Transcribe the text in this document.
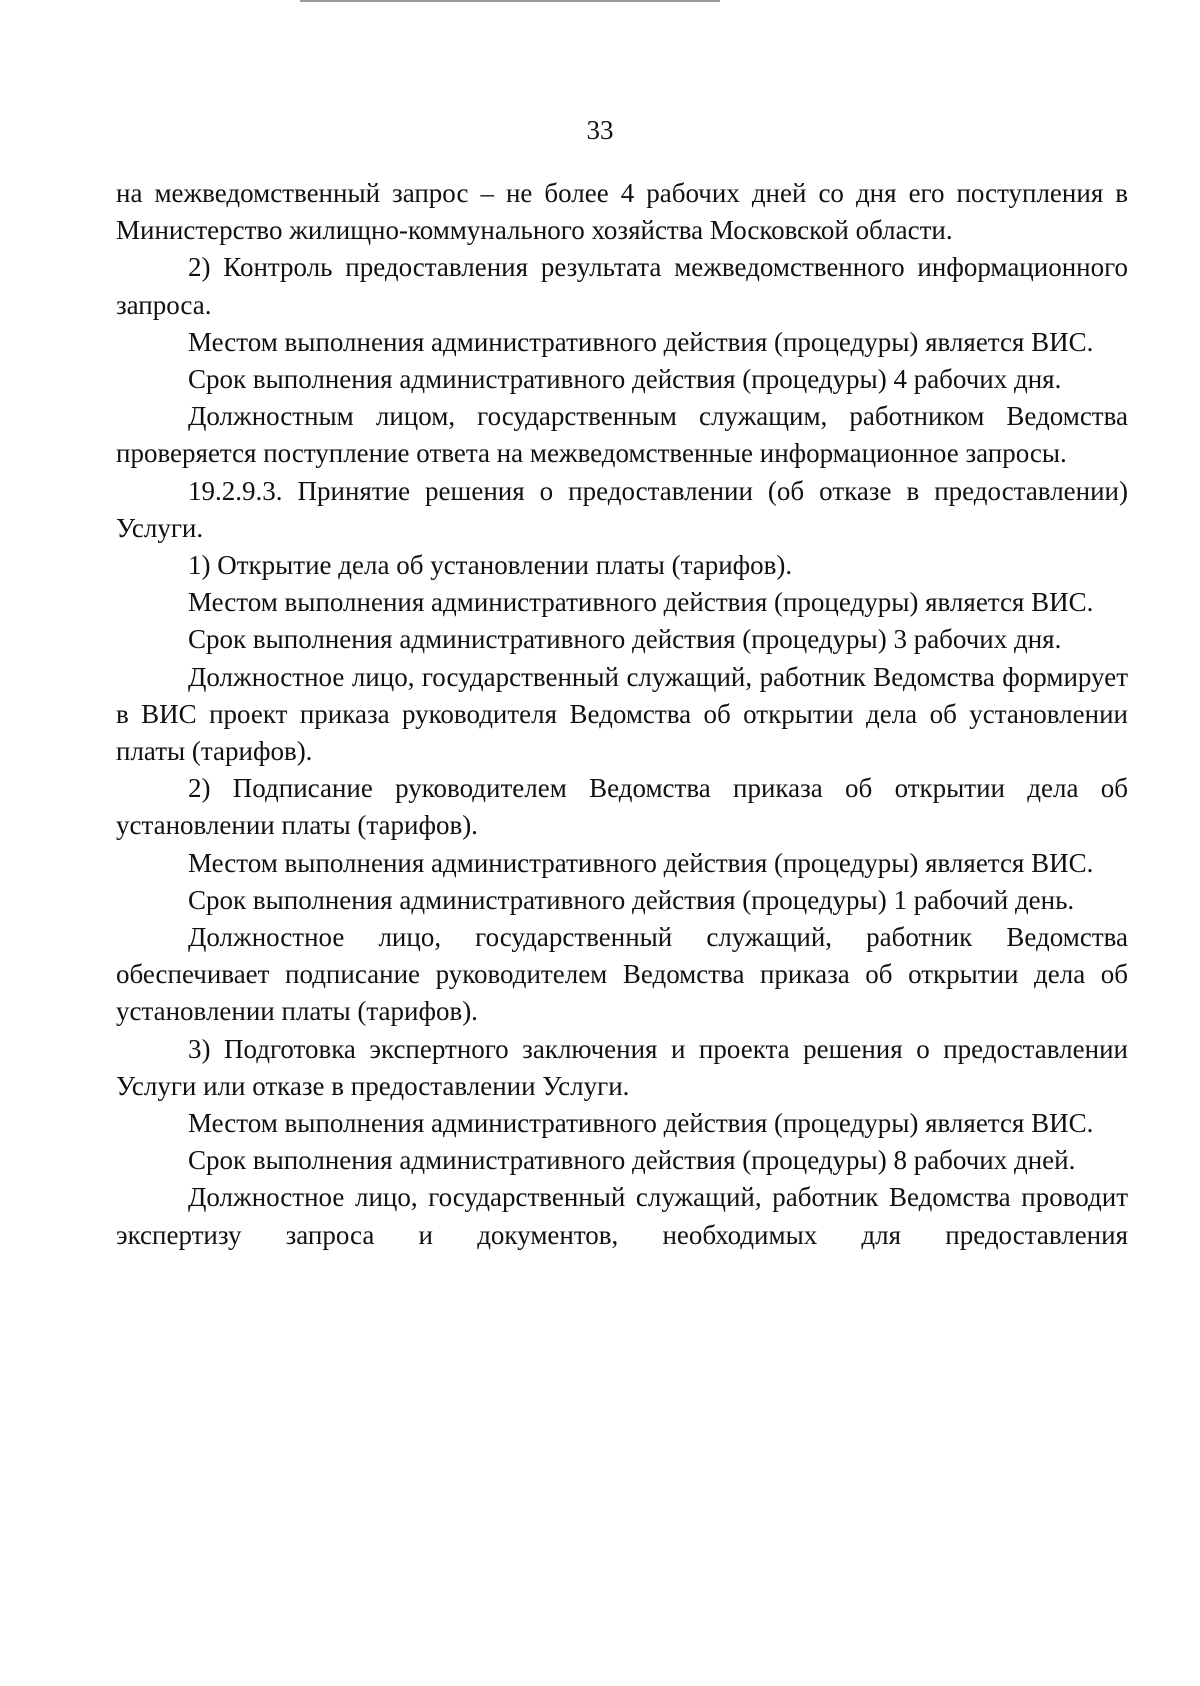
33

на межведомственный запрос – не более 4 рабочих дней со дня его поступления в Министерство жилищно‑коммунального хозяйства Московской области.

2) Контроль предоставления результата межведомственного информационного запроса.

Местом выполнения административного действия (процедуры) является ВИС.

Срок выполнения административного действия (процедуры) 4 рабочих дня.

Должностным лицом, государственным служащим, работником Ведомства проверяется поступление ответа на межведомственные информационное запросы.

19.2.9.3. Принятие решения о предоставлении (об отказе в предоставлении) Услуги.

1) Открытие дела об установлении платы (тарифов).

Местом выполнения административного действия (процедуры) является ВИС.

Срок выполнения административного действия (процедуры) 3 рабочих дня.

Должностное лицо, государственный служащий, работник Ведомства формирует в ВИС проект приказа руководителя Ведомства об открытии дела об установлении платы (тарифов).

2) Подписание руководителем Ведомства приказа об открытии дела об установлении платы (тарифов).

Местом выполнения административного действия (процедуры) является ВИС.

Срок выполнения административного действия (процедуры) 1 рабочий день.

Должностное лицо, государственный служащий, работник Ведомства обеспечивает подписание руководителем Ведомства приказа об открытии дела об установлении платы (тарифов).

3) Подготовка экспертного заключения и проекта решения о предоставлении Услуги или отказе в предоставлении Услуги.

Местом выполнения административного действия (процедуры) является ВИС.

Срок выполнения административного действия (процедуры) 8 рабочих дней.

Должностное лицо, государственный служащий, работник Ведомства проводит экспертизу запроса и документов, необходимых для предоставления
